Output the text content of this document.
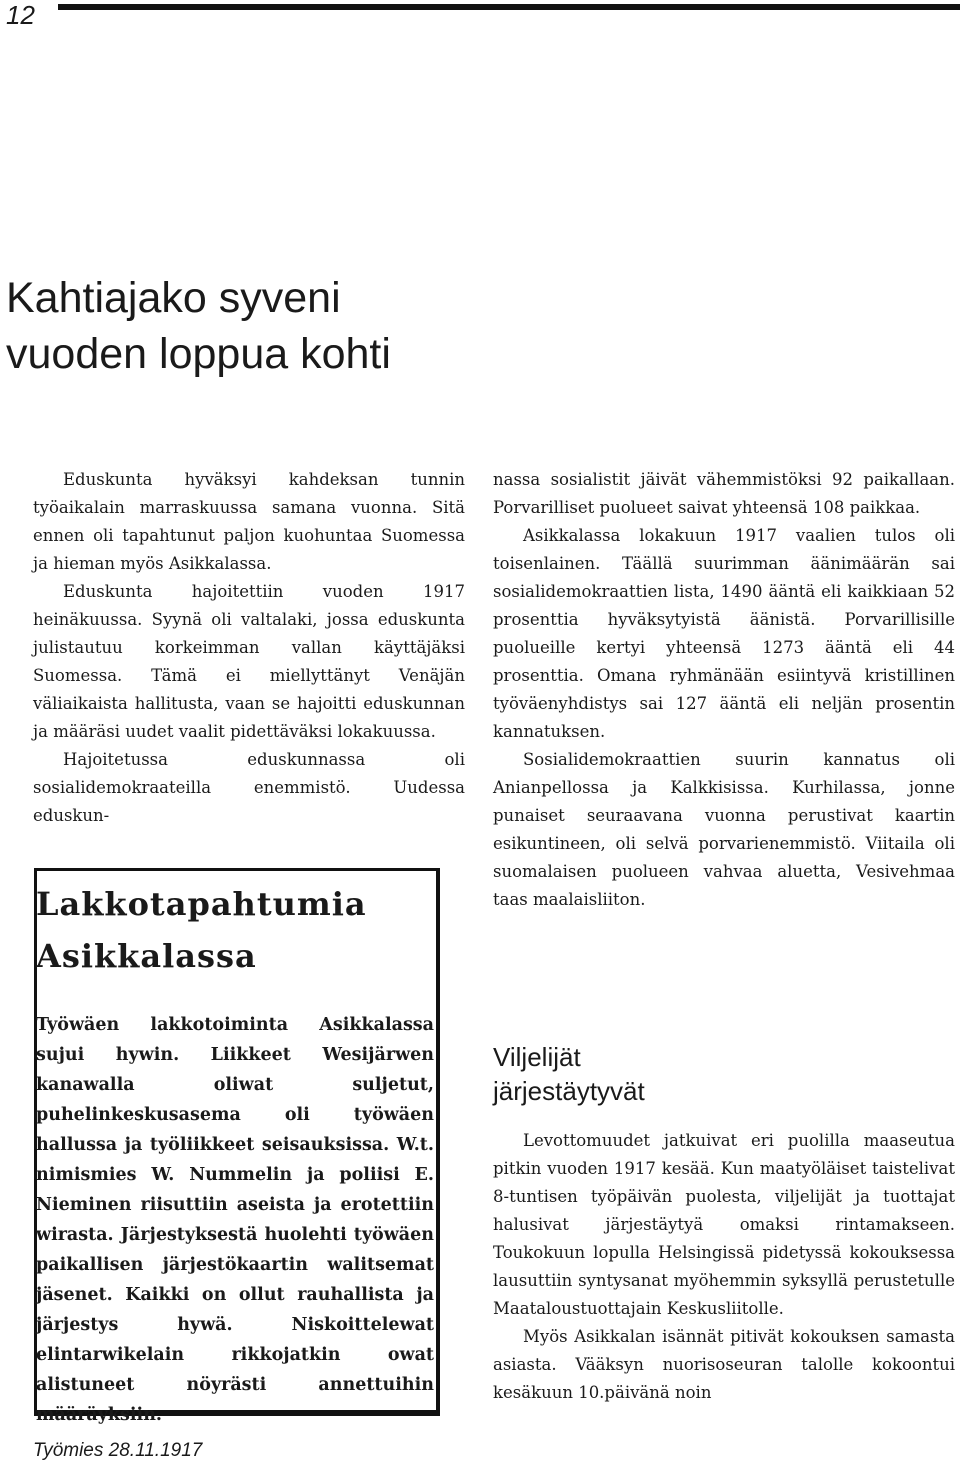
12
Kahtiajako syveni
vuoden loppua kohti

Eduskunta hyväksyi kahdeksan tunnin työaikalain marraskuussa samana vuonna. Sitä ennen oli tapahtunut paljon kuohuntaa Suomessa ja hieman myös Asikkalassa.

Eduskunta hajoitettiin vuoden 1917 heinäkuussa. Syynä oli valtalaki, jossa eduskunta julistautuu korkeimman vallan käyttäjäksi Suomessa. Tämä ei miellyttänyt Venäjän väliaikaista hallitusta, vaan se hajoitti eduskunnan ja määräsi uudet vaalit pidettäväksi lokakuussa.

Hajoitetussa eduskunnassa oli sosialidemokraateilla enemmistö. Uudessa eduskun-

Lakkotapahtumia
Asikkalassa
Työwäen lakkotoiminta Asikkalassa sujui hywin. Liikkeet Wesijärwen kanawalla oliwat suljetut, puhelinkeskusasema oli työwäen hallussa ja työliikkeet seisauksissa. W.t. nimismies W. Nummelin ja poliisi E. Nieminen riisuttiin aseista ja erotettiin wirasta. Järjestyksestä huolehti työwäen paikallisen järjestökaartin walitsemat jäsenet. Kaikki on ollut rauhallista ja järjestys hywä. Niskoittelewat elintarwikelain rikkojatkin owat alistuneet nöyrästi annettuihin määräyksiin.
Työmies 28.11.1917

nassa sosialistit jäivät vähemmistöksi 92 paikallaan. Porvarilliset puolueet saivat yhteensä 108 paikkaa.

Asikkalassa lokakuun 1917 vaalien tulos oli toisenlainen. Täällä suurimman äänimäärän sai sosialidemokraattien lista, 1490 ääntä eli kaikkiaan 52 prosenttia hyväksytyistä äänistä. Porvarillisille puolueille kertyi yhteensä 1273 ääntä eli 44 prosenttia. Omana ryhmänään esiintyvä kristillinen työväenyhdistys sai 127 ääntä eli neljän prosentin kannatuksen.

Sosialidemokraattien suurin kannatus oli Anianpellossa ja Kalkkisissa. Kurhilassa, jonne punaiset seuraavana vuonna perustivat kaartin esikuntineen, oli selvä porvarienemmistö. Viitaila oli suomalaisen puolueen vahvaa aluetta, Vesivehmaa taas maalaisliiton.

Viljelijät
järjestäytyvät

Levottomuudet jatkuivat eri puolilla maaseutua pitkin vuoden 1917 kesää. Kun maatyöläiset taistelivat 8-tuntisen työpäivän puolesta, viljelijät ja tuottajat halusivat järjestäytyä omaksi rintamakseen. Toukokuun lopulla Helsingissä pidetyssä kokouksessa lausuttiin syntysanat myöhemmin syksyllä perustetulle Maataloustuottajain Keskusliitolle.

Myös Asikkalan isännät pitivät kokouksen samasta asiasta. Vääksyn nuorisoseuran talolle kokoontui kesäkuun 10.päivänä noin
